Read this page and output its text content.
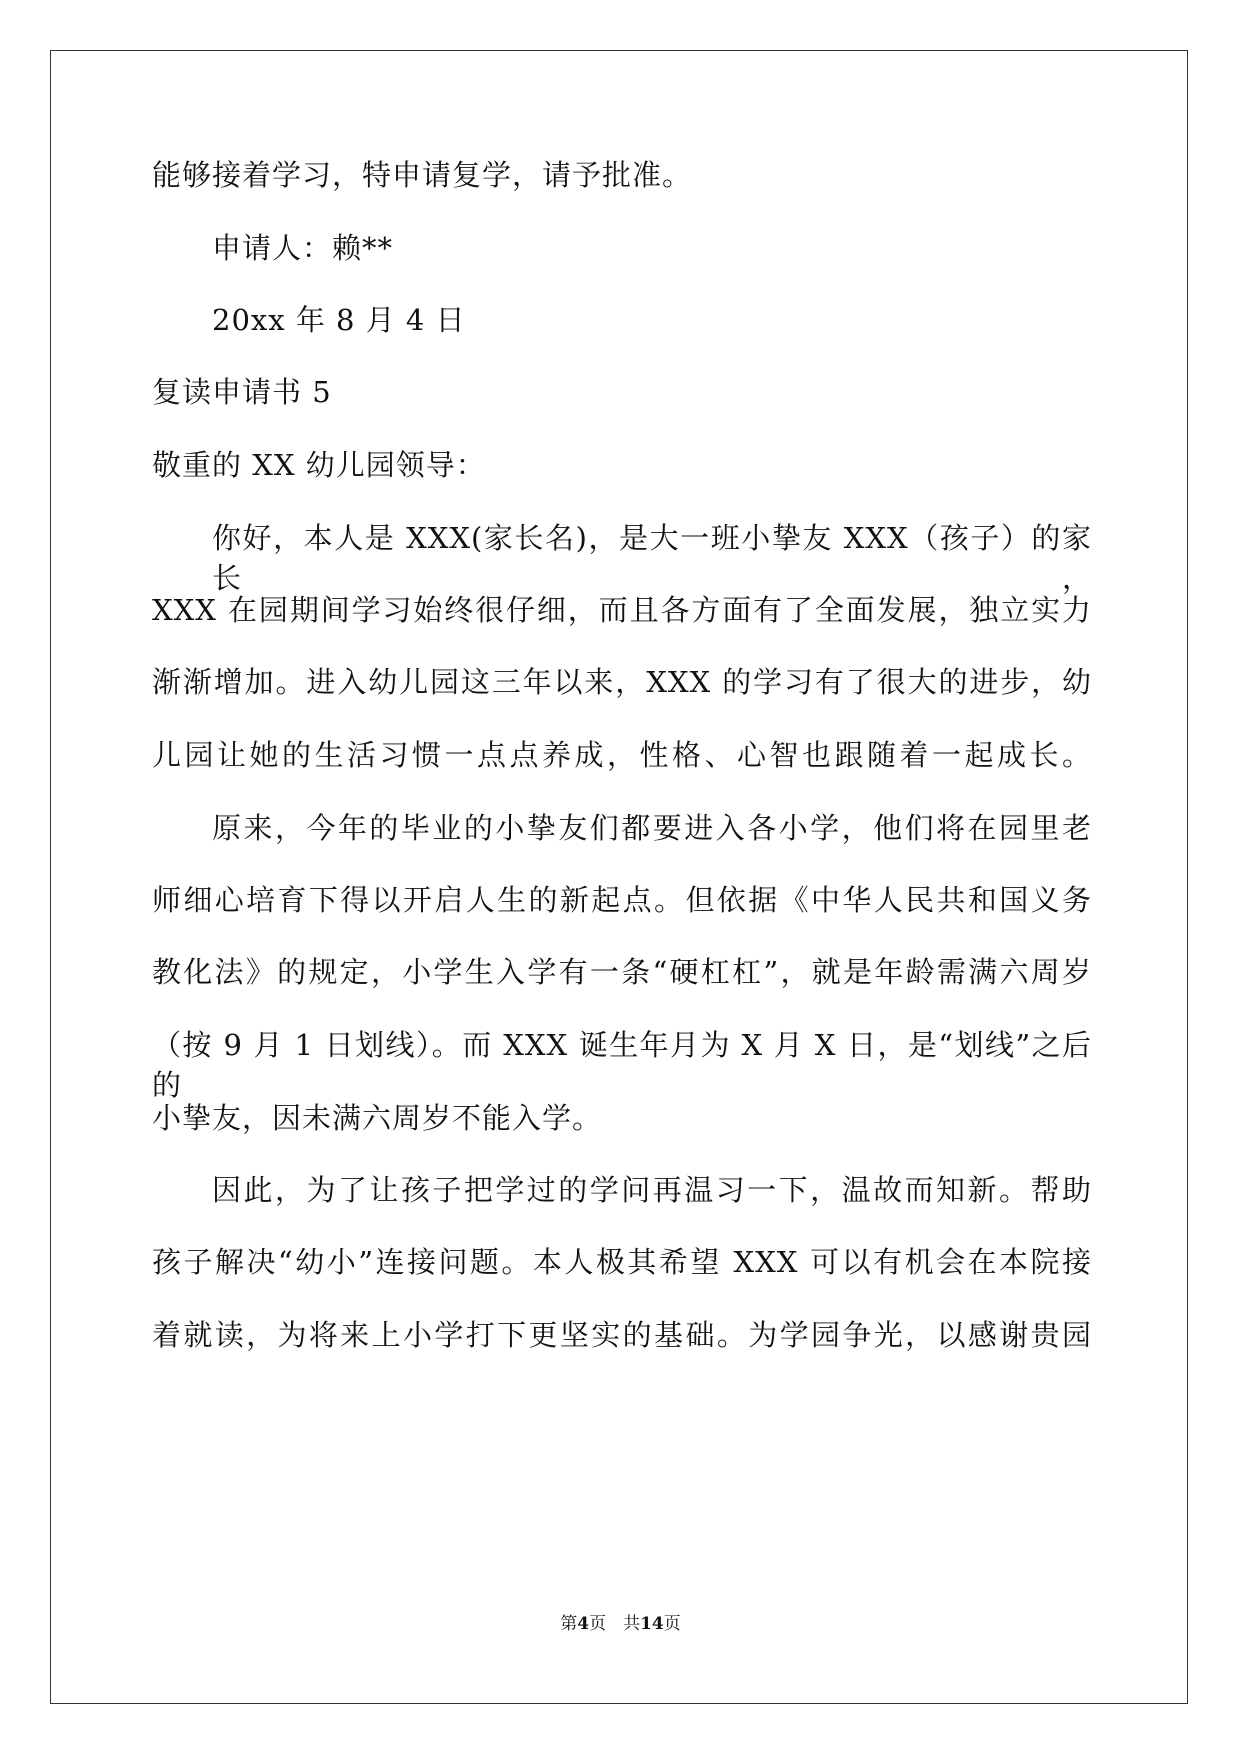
能够接着学习，特申请复学，请予批准。
申请人：赖**
20xx 年 8 月 4 日
复读申请书 5
敬重的 XX 幼儿园领导：
你好，本人是 XXX(家长名)，是大一班小挚友 XXX（孩子）的家长，
XXX 在园期间学习始终很仔细，而且各方面有了全面发展，独立实力
渐渐增加。进入幼儿园这三年以来，XXX 的学习有了很大的进步，幼
儿园让她的生活习惯一点点养成，性格、心智也跟随着一起成长。
原来，今年的毕业的小挚友们都要进入各小学，他们将在园里老
师细心培育下得以开启人生的新起点。但依据《中华人民共和国义务
教化法》的规定，小学生入学有一条“硬杠杠”，就是年龄需满六周岁
（按 9 月 1 日划线）。而 XXX 诞生年月为 X 月 X 日，是“划线”之后的
小挚友，因未满六周岁不能入学。
因此，为了让孩子把学过的学问再温习一下，温故而知新。帮助
孩子解决“幼小”连接问题。本人极其希望 XXX 可以有机会在本院接
着就读，为将来上小学打下更坚实的基础。为学园争光，以感谢贵园
第4页　共14页
